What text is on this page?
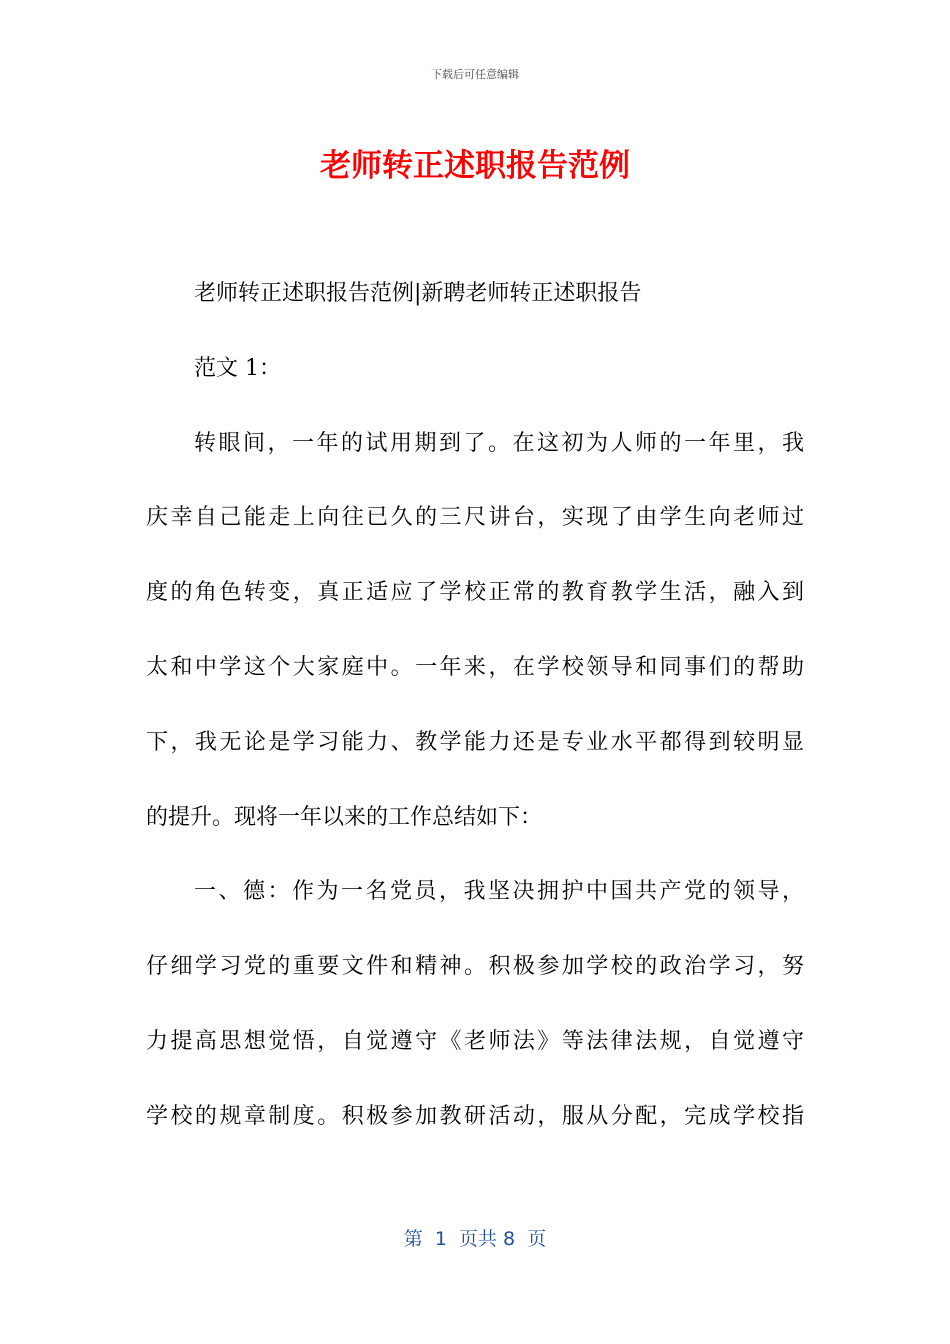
下载后可任意编辑
老师转正述职报告范例
老师转正述职报告范例|新聘老师转正述职报告
范文 1：
转眼间，一年的试用期到了。在这初为人师的一年里，我
庆幸自己能走上向往已久的三尺讲台，实现了由学生向老师过
度的角色转变，真正适应了学校正常的教育教学生活，融入到
太和中学这个大家庭中。一年来，在学校领导和同事们的帮助
下，我无论是学习能力、教学能力还是专业水平都得到较明显
的提升。现将一年以来的工作总结如下：
一、德：作为一名党员，我坚决拥护中国共产党的领导，
仔细学习党的重要文件和精神。积极参加学校的政治学习，努
力提高思想觉悟，自觉遵守《老师法》等法律法规，自觉遵守
学校的规章制度。积极参加教研活动，服从分配，完成学校指
第  1  页共 8  页
